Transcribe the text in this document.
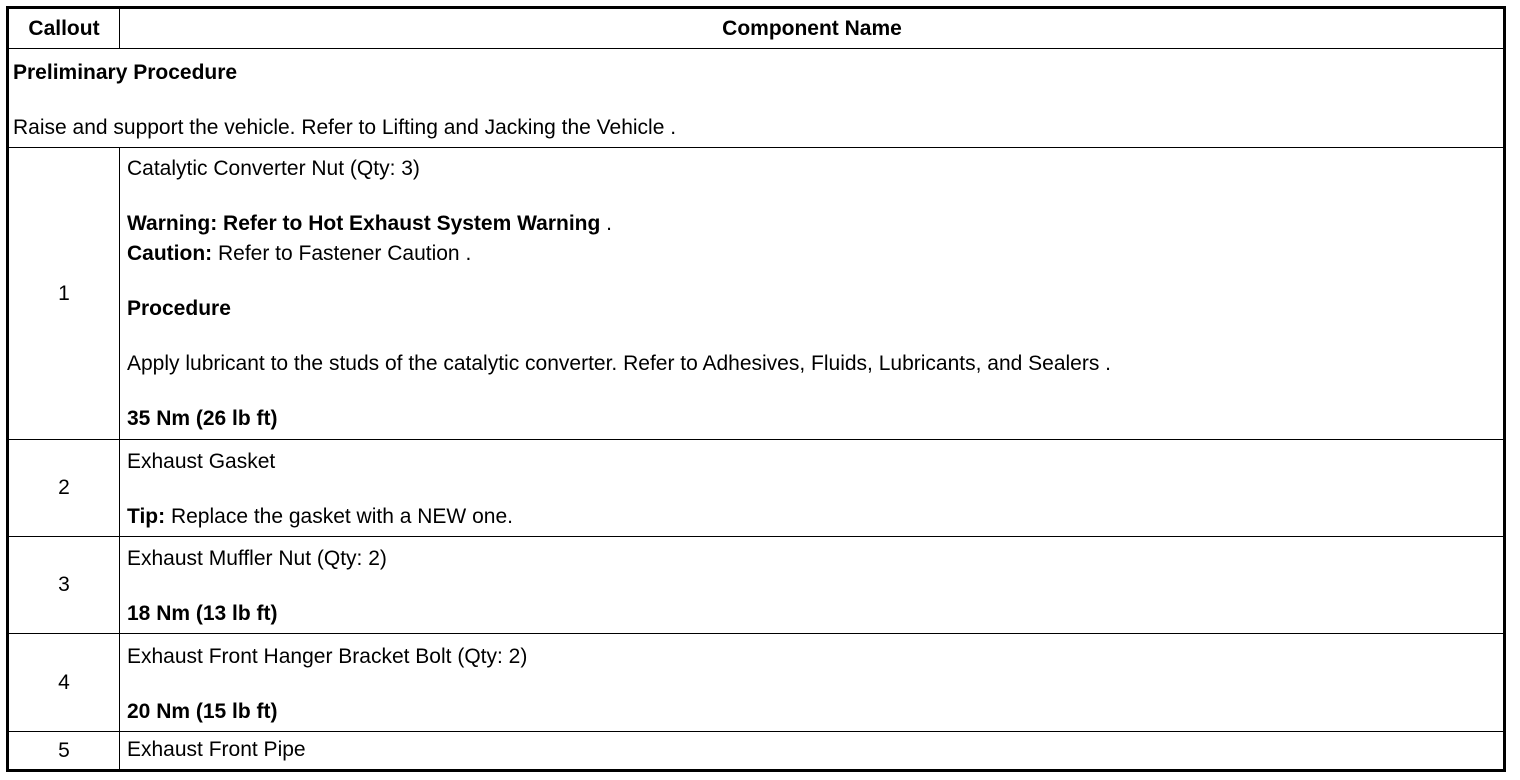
Callout	Component Name
Preliminary Procedure
Raise and support the vehicle. Refer to Lifting and Jacking the Vehicle .
1
Catalytic Converter Nut (Qty: 3)
Warning: Refer to Hot Exhaust System Warning .
Caution: Refer to Fastener Caution .
Procedure
Apply lubricant to the studs of the catalytic converter. Refer to Adhesives, Fluids, Lubricants, and Sealers .
35 Nm (26 lb ft)
2
Exhaust Gasket
Tip: Replace the gasket with a NEW one.
3
Exhaust Muffler Nut (Qty: 2)
18 Nm (13 lb ft)
4
Exhaust Front Hanger Bracket Bolt (Qty: 2)
20 Nm (15 lb ft)
5	Exhaust Front Pipe
